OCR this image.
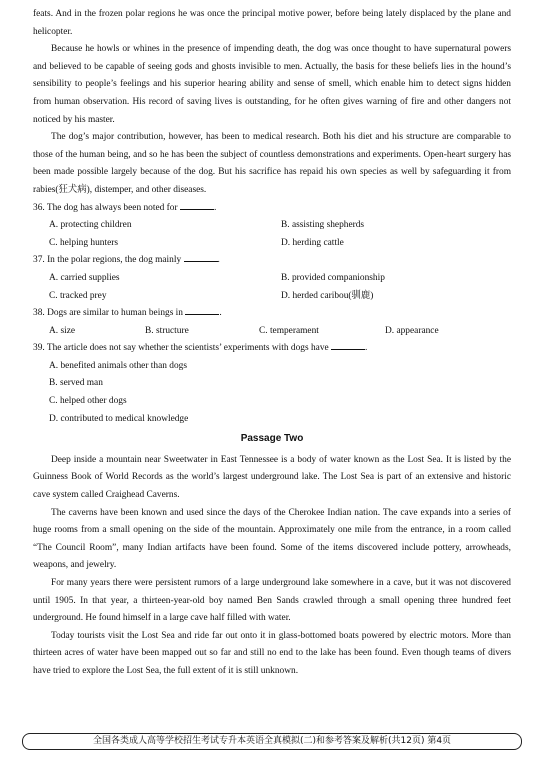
feats. And in the frozen polar regions he was once the principal motive power, before being lately displaced by the plane and helicopter.

Because he howls or whines in the presence of impending death, the dog was once thought to have supernatural powers and believed to be capable of seeing gods and ghosts invisible to men. Actually, the basis for these beliefs lies in the hound’s sensibility to people’s feelings and his superior hearing ability and sense of smell, which enable him to detect signs hidden from human observation. His record of saving lives is outstanding, for he often gives warning of fire and other dangers not noticed by his master.

The dog’s major contribution, however, has been to medical research. Both his diet and his structure are comparable to those of the human being, and so he has been the subject of countless demonstrations and experiments. Open-heart surgery has been made possible largely because of the dog. But his sacrifice has repaid his own species as well by safeguarding it from rabies(狂犬病), distemper, and other diseases.

36. The dog has always been noted for	.
A. protecting children	B. assisting shepherds
C. helping hunters	D. herding cattle
37. In the polar regions, the dog mainly	.
A. carried supplies	B. provided companionship
C. tracked prey	D. herded caribou(驯鹿)
38. Dogs are similar to human beings in	.
A. size	B. structure	C. temperament	D. appearance
39. The article does not say whether the scientists’ experiments with dogs have	.
A. benefited animals other than dogs
B. served man
C. helped other dogs
D. contributed to medical knowledge
Passage Two

Deep inside a mountain near Sweetwater in East Tennessee is a body of water known as the Lost Sea. It is listed by the Guinness Book of World Records as the world’s largest underground lake. The Lost Sea is part of an extensive and historic cave system called Craighead Caverns.

The caverns have been known and used since the days of the Cherokee Indian nation. The cave expands into a series of huge rooms from a small opening on the side of the mountain. Approximately one mile from the entrance, in a room called “The Council Room”, many Indian artifacts have been found. Some of the items discovered include pottery, arrowheads, weapons, and jewelry.

For many years there were persistent rumors of a large underground lake somewhere in a cave, but it was not discovered until 1905. In that year, a thirteen-year-old boy named Ben Sands crawled through a small opening three hundred feet underground. He found himself in a large cave half filled with water.

Today tourists visit the Lost Sea and ride far out onto it in glass-bottomed boats powered by electric motors. More than thirteen acres of water have been mapped out so far and still no end to the lake has been found. Even though teams of divers have tried to explore the Lost Sea, the full extent of it is still unknown.

全国各类成人高等学校招生考试专升本英语全真模拟(二)和参考答案及解析(共12页) 第4页
